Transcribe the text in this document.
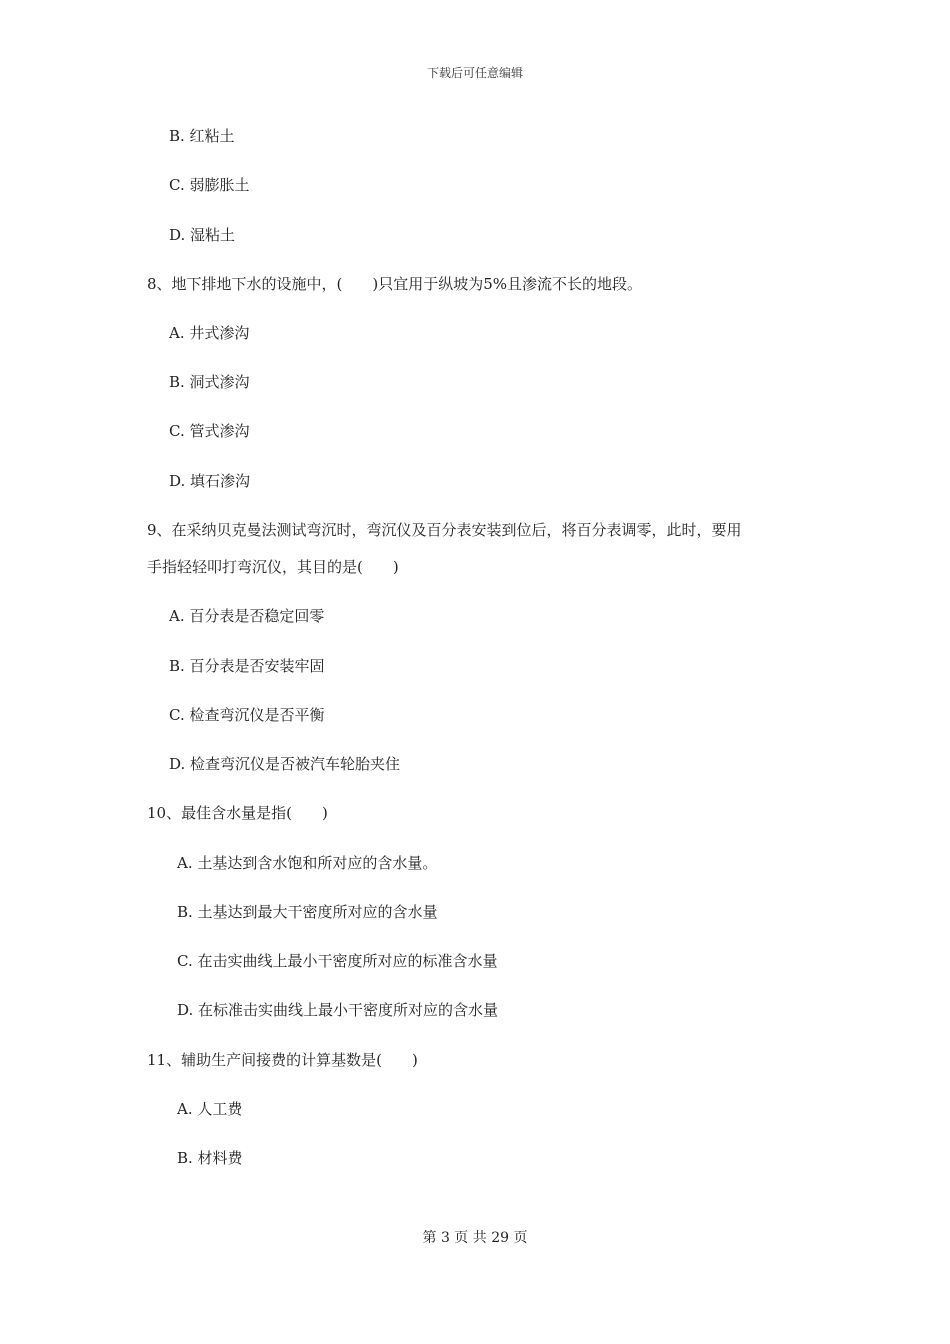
下载后可任意编辑
B. 红粘土
C. 弱膨胀土
D. 湿粘土
8、地下排地下水的设施中，(　　)只宜用于纵坡为5%且渗流不长的地段。
A. 井式渗沟
B. 洞式渗沟
C. 管式渗沟
D. 填石渗沟
9、在采纳贝克曼法测试弯沉时，弯沉仪及百分表安装到位后，将百分表调零，此时，要用
手指轻轻叩打弯沉仪，其目的是(　　)
A. 百分表是否稳定回零
B. 百分表是否安装牢固
C. 检查弯沉仪是否平衡
D. 检查弯沉仪是否被汽车轮胎夹住
10、最佳含水量是指(　　)
A. 土基达到含水饱和所对应的含水量。
B. 土基达到最大干密度所对应的含水量
C. 在击实曲线上最小干密度所对应的标准含水量
D. 在标准击实曲线上最小干密度所对应的含水量
11、辅助生产间接费的计算基数是(　　)
A. 人工费
B. 材料费
第 3 页 共 29 页
